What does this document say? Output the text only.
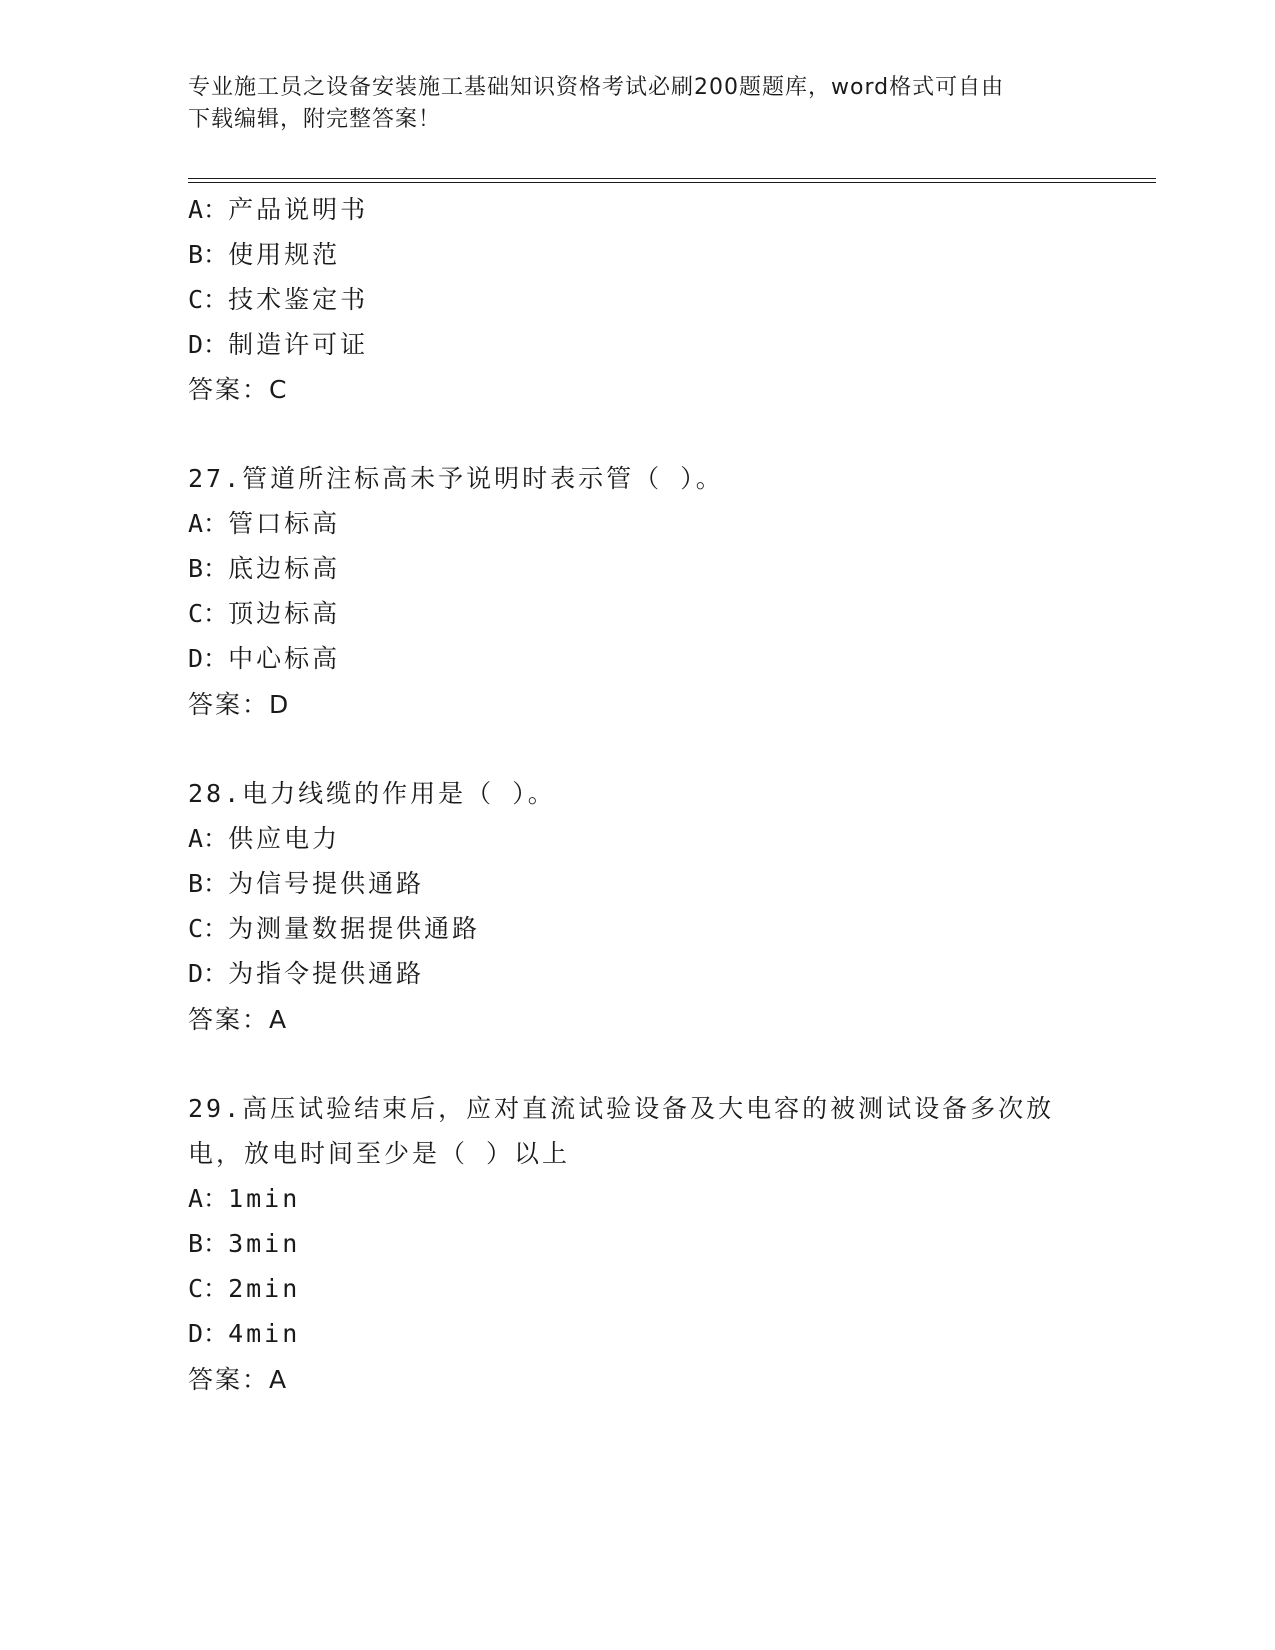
专业施工员之设备安装施工基础知识资格考试必刷200题题库，word格式可自由
下载编辑，附完整答案！
A：产品说明书
B：使用规范
C：技术鉴定书
D：制造许可证
答案：C
27.管道所注标高未予说明时表示管（ ）。
A：管口标高
B：底边标高
C：顶边标高
D：中心标高
答案：D
28.电力线缆的作用是（ ）。
A：供应电力
B：为信号提供通路
C：为测量数据提供通路
D：为指令提供通路
答案：A
29.高压试验结束后，应对直流试验设备及大电容的被测试设备多次放
电，放电时间至少是（ ）以上
A：1min
B：3min
C：2min
D：4min
答案：A
